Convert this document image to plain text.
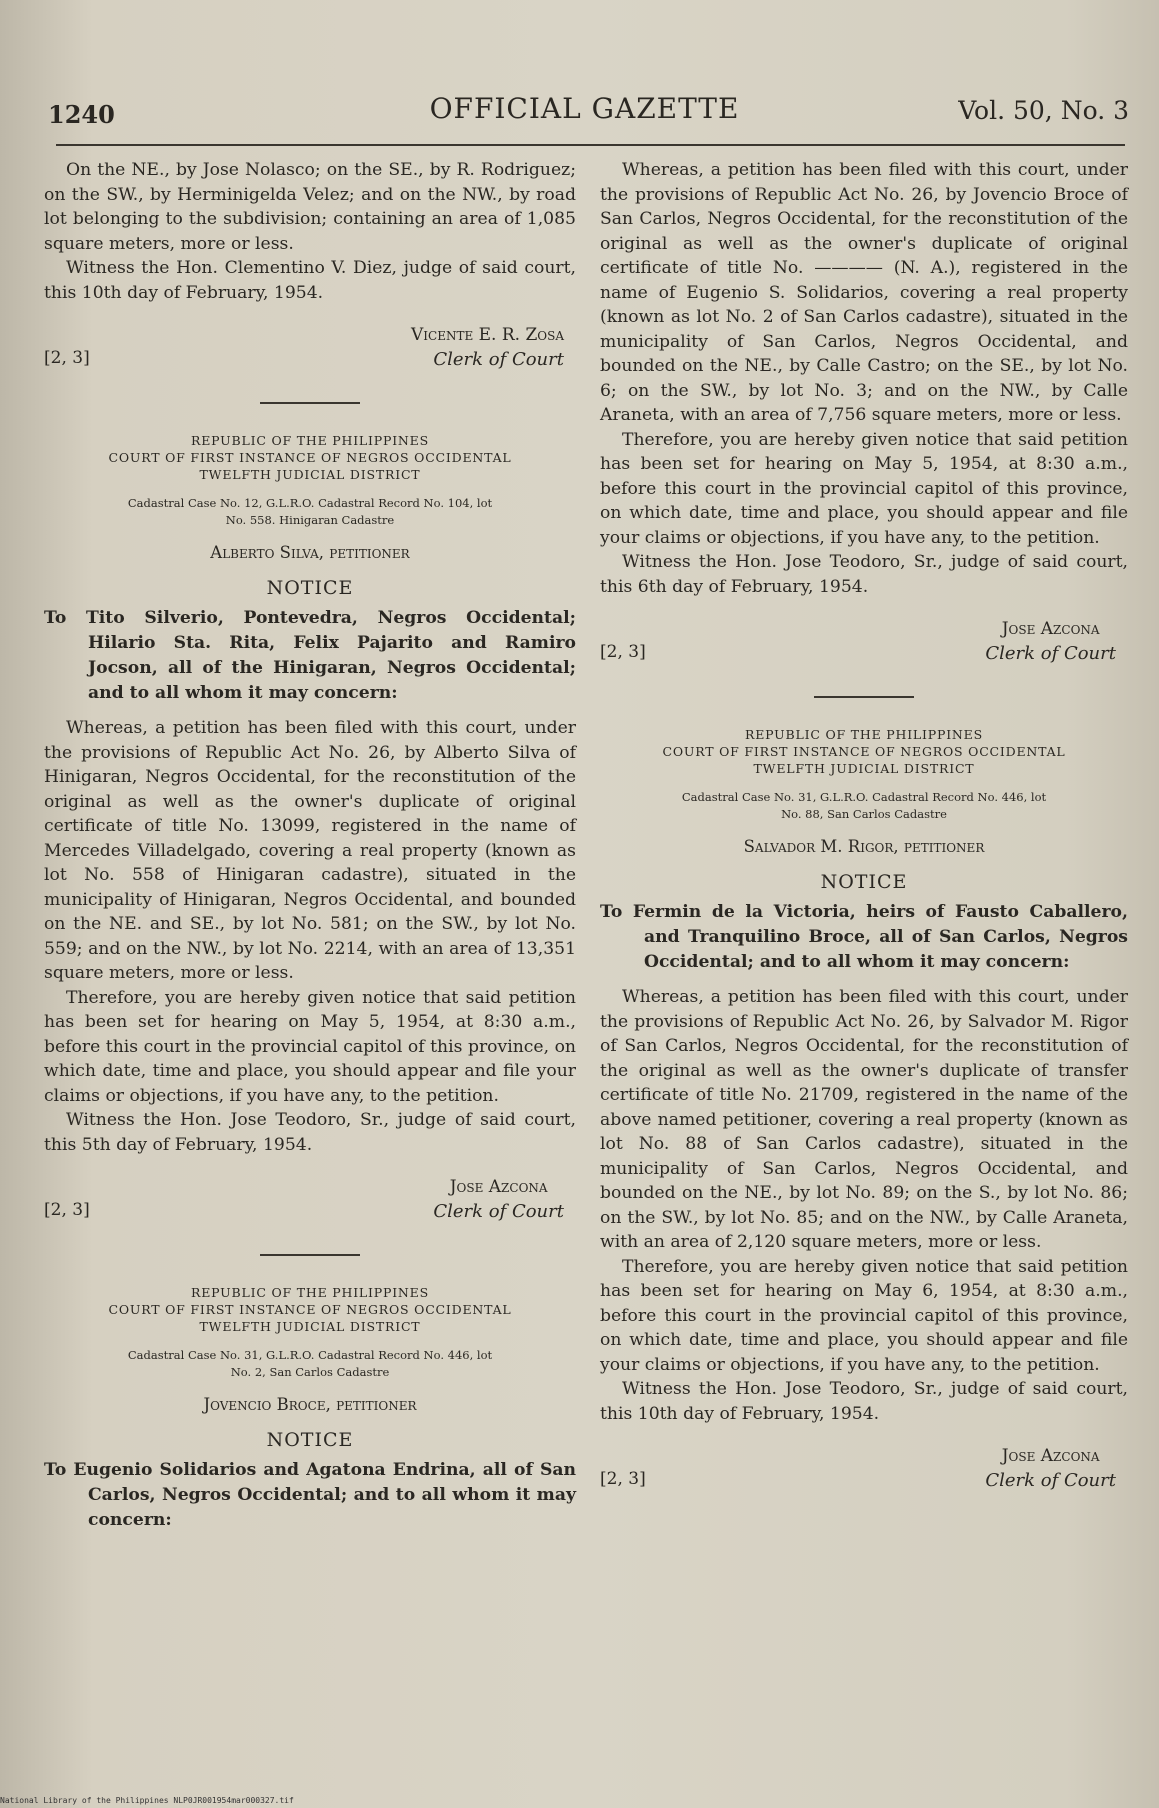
1240	OFFICIAL GAZETTE	Vol. 50, No. 3

On the NE., by Jose Nolasco; on the SE., by R. Rodriguez; on the SW., by Herminigelda Velez; and on the NW., by road lot belonging to the subdivision; containing an area of 1,085 square meters, more or less.

Witness the Hon. Clementino V. Diez, judge of said court, this 10th day of February, 1954.

[2, 3]
Vicente E. R. Zosa
Clerk of Court
REPUBLIC OF THE PHILIPPINES
COURT OF FIRST INSTANCE OF NEGROS OCCIDENTAL
TWELFTH JUDICIAL DISTRICT
Cadastral Case No. 12, G.L.R.O. Cadastral Record No. 104, lot
No. 558. Hinigaran Cadastre
Alberto Silva, petitioner
NOTICE

To Tito Silverio, Pontevedra, Negros Occidental; Hilario Sta. Rita, Felix Pajarito and Ramiro Jocson, all of the Hinigaran, Negros Occidental; and to all whom it may concern:

Whereas, a petition has been filed with this court, under the provisions of Republic Act No. 26, by Alberto Silva of Hinigaran, Negros Occidental, for the reconstitution of the original as well as the owner's duplicate of original certificate of title No. 13099, registered in the name of Mercedes Villadelgado, covering a real property (known as lot No. 558 of Hinigaran cadastre), situated in the municipality of Hinigaran, Negros Occidental, and bounded on the NE. and SE., by lot No. 581; on the SW., by lot No. 559; and on the NW., by lot No. 2214, with an area of 13,351 square meters, more or less.

Therefore, you are hereby given notice that said petition has been set for hearing on May 5, 1954, at 8:30 a.m., before this court in the provincial capitol of this province, on which date, time and place, you should appear and file your claims or objections, if you have any, to the petition.

Witness the Hon. Jose Teodoro, Sr., judge of said court, this 5th day of February, 1954.

[2, 3]
Jose Azcona
Clerk of Court
REPUBLIC OF THE PHILIPPINES
COURT OF FIRST INSTANCE OF NEGROS OCCIDENTAL
TWELFTH JUDICIAL DISTRICT
Cadastral Case No. 31, G.L.R.O. Cadastral Record No. 446, lot
No. 2, San Carlos Cadastre
Jovencio Broce, petitioner
NOTICE

To Eugenio Solidarios and Agatona Endrina, all of San Carlos, Negros Occidental; and to all whom it may concern:

Whereas, a petition has been filed with this court, under the provisions of Republic Act No. 26, by Jovencio Broce of San Carlos, Negros Occidental, for the reconstitution of the original as well as the owner's duplicate of original certificate of title No. ———— (N. A.), registered in the name of Eugenio S. Solidarios, covering a real property (known as lot No. 2 of San Carlos cadastre), situated in the municipality of San Carlos, Negros Occidental, and bounded on the NE., by Calle Castro; on the SE., by lot No. 6; on the SW., by lot No. 3; and on the NW., by Calle Araneta, with an area of 7,756 square meters, more or less.

Therefore, you are hereby given notice that said petition has been set for hearing on May 5, 1954, at 8:30 a.m., before this court in the provincial capitol of this province, on which date, time and place, you should appear and file your claims or objections, if you have any, to the petition.

Witness the Hon. Jose Teodoro, Sr., judge of said court, this 6th day of February, 1954.

[2, 3]
Jose Azcona
Clerk of Court
REPUBLIC OF THE PHILIPPINES
COURT OF FIRST INSTANCE OF NEGROS OCCIDENTAL
TWELFTH JUDICIAL DISTRICT
Cadastral Case No. 31, G.L.R.O. Cadastral Record No. 446, lot
No. 88, San Carlos Cadastre
Salvador M. Rigor, petitioner
NOTICE

To Fermin de la Victoria, heirs of Fausto Caballero, and Tranquilino Broce, all of San Carlos, Negros Occidental; and to all whom it may concern:

Whereas, a petition has been filed with this court, under the provisions of Republic Act No. 26, by Salvador M. Rigor of San Carlos, Negros Occidental, for the reconstitution of the original as well as the owner's duplicate of transfer certificate of title No. 21709, registered in the name of the above named petitioner, covering a real property (known as lot No. 88 of San Carlos cadastre), situated in the municipality of San Carlos, Negros Occidental, and bounded on the NE., by lot No. 89; on the S., by lot No. 86; on the SW., by lot No. 85; and on the NW., by Calle Araneta, with an area of 2,120 square meters, more or less.

Therefore, you are hereby given notice that said petition has been set for hearing on May 6, 1954, at 8:30 a.m., before this court in the provincial capitol of this province, on which date, time and place, you should appear and file your claims or objections, if you have any, to the petition.

Witness the Hon. Jose Teodoro, Sr., judge of said court, this 10th day of February, 1954.

[2, 3]
Jose Azcona
Clerk of Court
National Library of the Philippines NLP0JR001954mar000327.tif
